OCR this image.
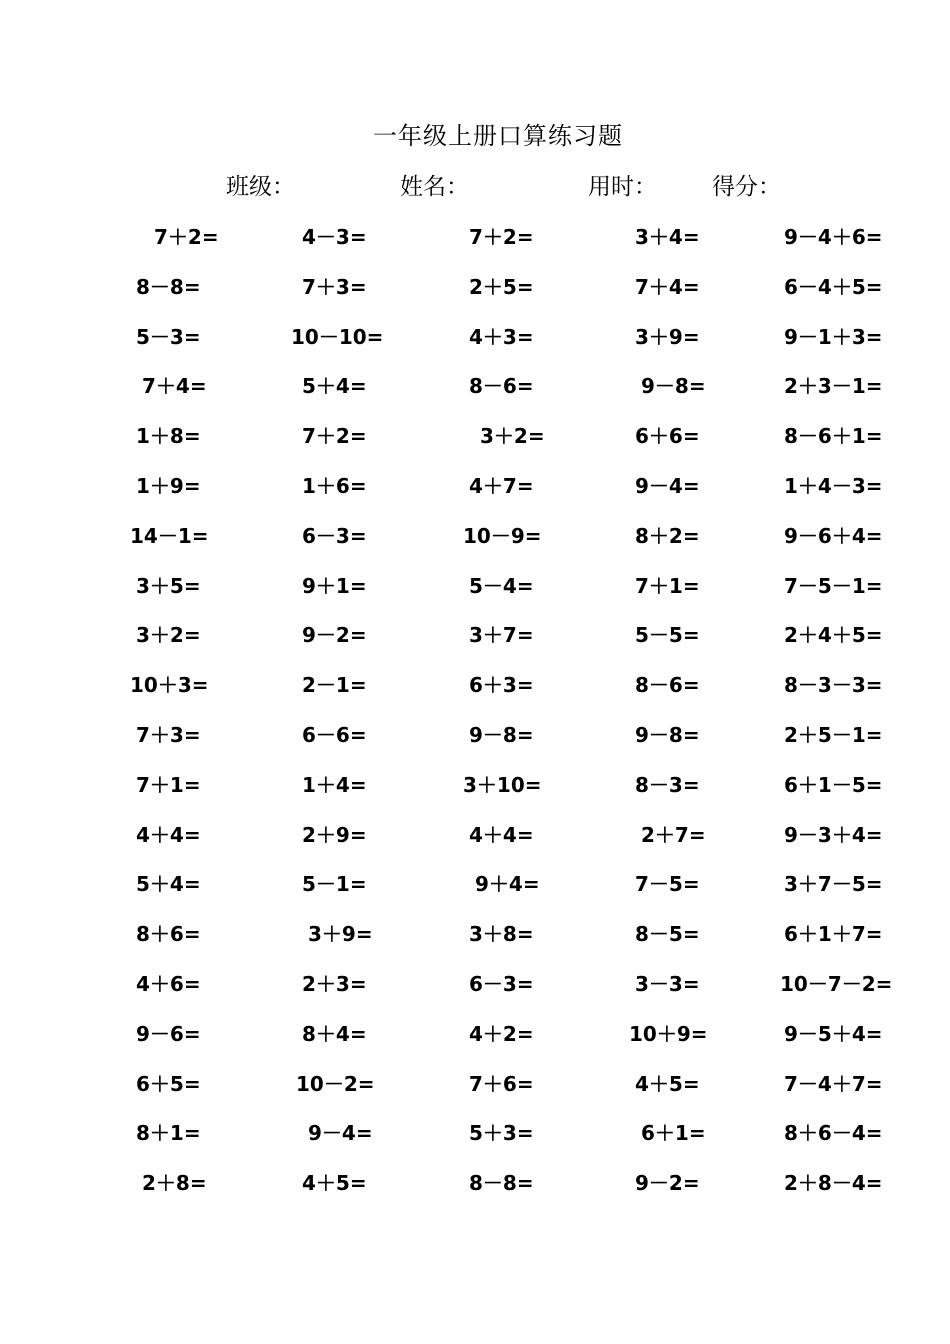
一年级上册口算练习题
班级：	姓名：	用时： 得分：
7＋2=
8－8=
5－3=
7＋4=
1＋8=
1＋9=
14－1=
3＋5=
3＋2=
10＋3=
7＋3=
7＋1=
4＋4=
5＋4=
8＋6=
4＋6=
9－6=
6＋5=
8＋1=
2＋8=
4－3=
7＋3=
10－10=
5＋4=
7＋2=
1＋6=
6－3=
9＋1=
9－2=
2－1=
6－6=
1＋4=
2＋9=
5－1=
3＋9=
2＋3=
8＋4=
10－2=
9－4=
4＋5=
7＋2=
2＋5=
4＋3=
8－6=
3＋2=
4＋7=
10－9=
5－4=
3＋7=
6＋3=
9－8=
3＋10=
4＋4=
9＋4=
3＋8=
6－3=
4＋2=
7＋6=
5＋3=
8－8=
3＋4=
7＋4=
3＋9=
9－8=
6＋6=
9－4=
8＋2=
7＋1=
5－5=
8－6=
9－8=
8－3=
2＋7=
7－5=
8－5=
3－3=
10＋9=
4＋5=
6＋1=
9－2=
9－4＋6=
6－4＋5=
9－1＋3=
2＋3－1=
8－6＋1=
1＋4－3=
9－6＋4=
7－5－1=
2＋4＋5=
8－3－3=
2＋5－1=
6＋1－5=
9－3＋4=
3＋7－5=
6＋1＋7=
10－7－2=
9－5＋4=
7－4＋7=
8＋6－4=
2＋8－4=
